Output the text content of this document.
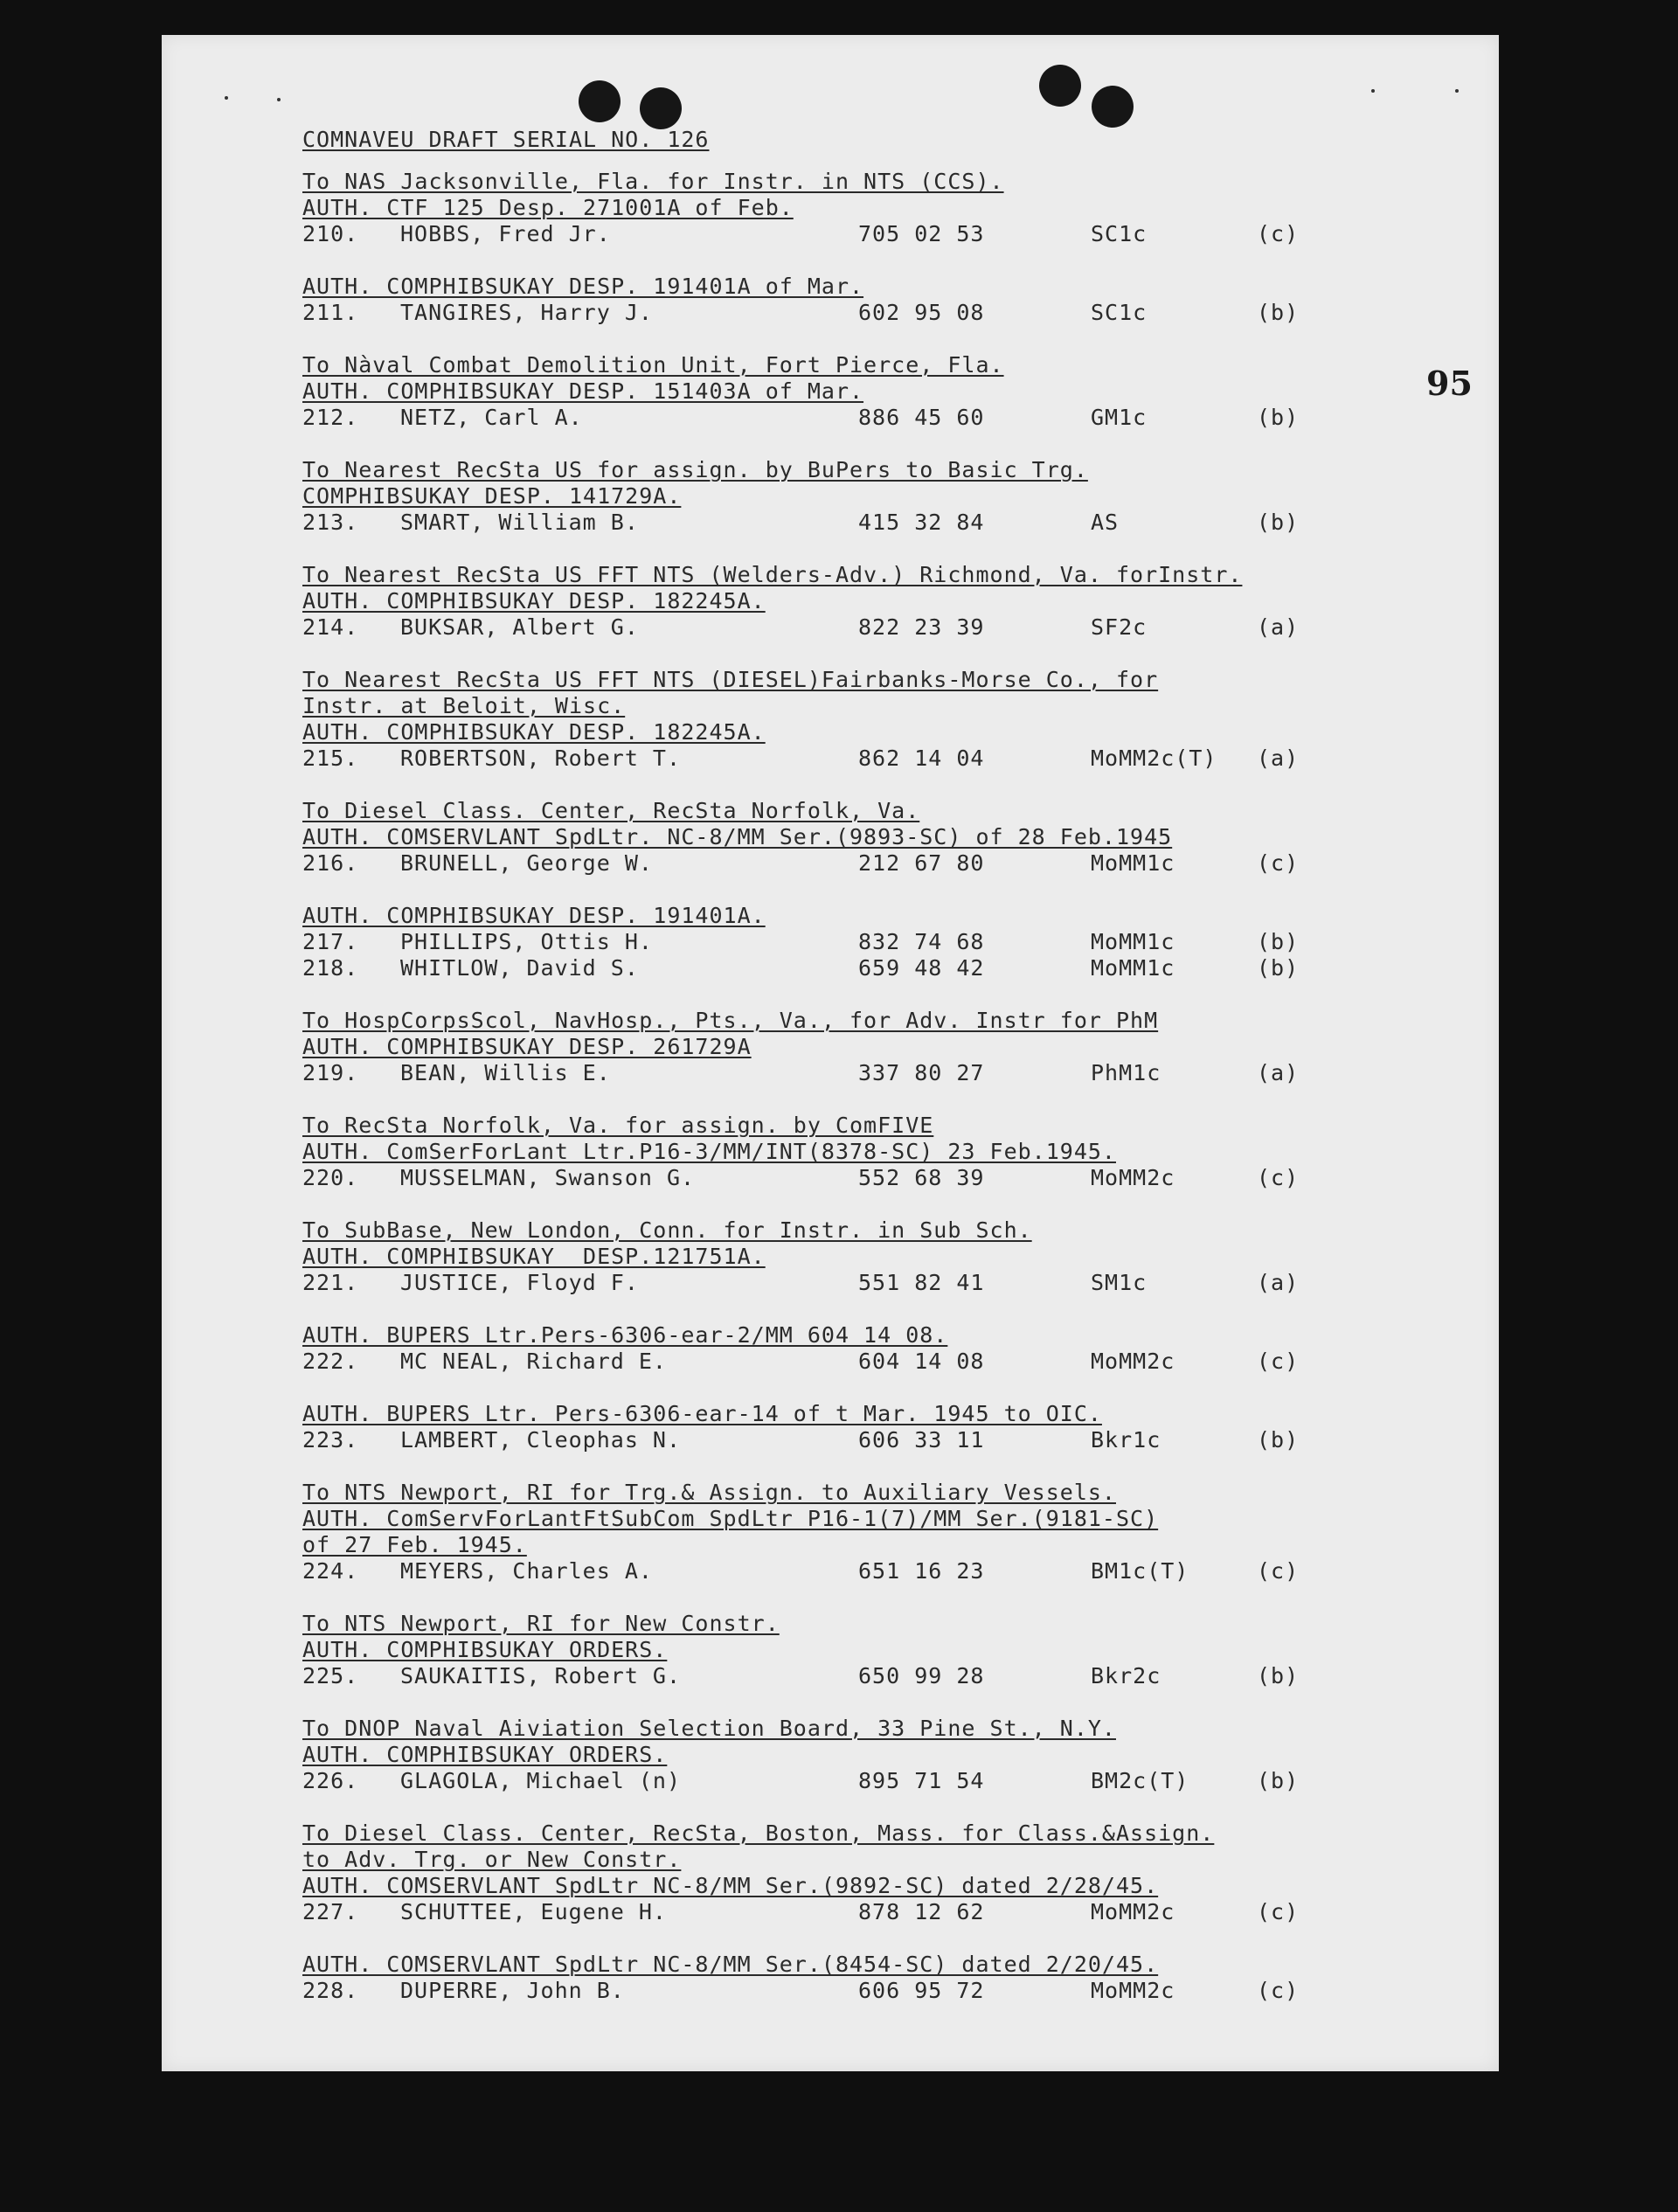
95
COMNAVEU DRAFT SERIAL NO. 126
To NAS Jacksonville, Fla. for Instr. in NTS (CCS).
AUTH. CTF 125 Desp. 271001A of Feb.
210. HOBBS, Fred Jr.	705 02 53	SC1c	(c)
AUTH. COMPHIBSUKAY DESP. 191401A of Mar.
211. TANGIRES, Harry J.	602 95 08	SC1c	(b)
To Nàval Combat Demolition Unit, Fort Pierce, Fla.
AUTH. COMPHIBSUKAY DESP. 151403A of Mar.
212. NETZ, Carl A.	886 45 60	GM1c	(b)
To Nearest RecSta US for assign. by BuPers to Basic Trg.
COMPHIBSUKAY DESP. 141729A.
213. SMART, William B.	415 32 84	AS	(b)
To Nearest RecSta US FFT NTS (Welders-Adv.) Richmond, Va. forInstr.
AUTH. COMPHIBSUKAY DESP. 182245A.
214. BUKSAR, Albert G.	822 23 39	SF2c	(a)
To Nearest RecSta US FFT NTS (DIESEL)Fairbanks-Morse Co., for
Instr. at Beloit, Wisc.
AUTH. COMPHIBSUKAY DESP. 182245A.
215. ROBERTSON, Robert T.	862 14 04	MoMM2c(T) (a)
To Diesel Class. Center, RecSta Norfolk, Va.
AUTH. COMSERVLANT SpdLtr. NC-8/MM Ser.(9893-SC) of 28 Feb.1945
216. BRUNELL, George W.	212 67 80	MoMM1c	(c)
AUTH. COMPHIBSUKAY DESP. 191401A.
217. PHILLIPS, Ottis H.	832 74 68	MoMM1c	(b)
218. WHITLOW, David S.	659 48 42	MoMM1c	(b)
To HospCorpsScol, NavHosp., Pts., Va., for Adv. Instr for PhM
AUTH. COMPHIBSUKAY DESP. 261729A
219. BEAN, Willis E.	337 80 27	PhM1c	(a)
To RecSta Norfolk, Va. for assign. by ComFIVE
AUTH. ComSerForLant Ltr.P16-3/MM/INT(8378-SC) 23 Feb.1945.
220. MUSSELMAN, Swanson G.	552 68 39	MoMM2c	(c)
To SubBase, New London, Conn. for Instr. in Sub Sch.
AUTH. COMPHIBSUKAY  DESP.121751A.
221. JUSTICE, Floyd F.	551 82 41	SM1c	(a)
AUTH. BUPERS Ltr.Pers-6306-ear-2/MM 604 14 08.
222. MC NEAL, Richard E.	604 14 08	MoMM2c	(c)
AUTH. BUPERS Ltr. Pers-6306-ear-14 of t Mar. 1945 to OIC.
223. LAMBERT, Cleophas N.	606 33 11	Bkr1c	(b)
To NTS Newport, RI for Trg.& Assign. to Auxiliary Vessels.
AUTH. ComServForLantFtSubCom SpdLtr P16-1(7)/MM Ser.(9181-SC)
of 27 Feb. 1945.
224. MEYERS, Charles A.	651 16 23	BM1c(T)	(c)
To NTS Newport, RI for New Constr.
AUTH. COMPHIBSUKAY ORDERS.
225. SAUKAITIS, Robert G.	650 99 28	Bkr2c	(b)
To DNOP Naval Aiviation Selection Board, 33 Pine St., N.Y.
AUTH. COMPHIBSUKAY ORDERS.
226. GLAGOLA, Michael (n)	895 71 54	BM2c(T)	(b)
To Diesel Class. Center, RecSta, Boston, Mass. for Class.&Assign.
to Adv. Trg. or New Constr.
AUTH. COMSERVLANT SpdLtr NC-8/MM Ser.(9892-SC) dated 2/28/45.
227. SCHUTTEE, Eugene H.	878 12 62	MoMM2c	(c)
AUTH. COMSERVLANT SpdLtr NC-8/MM Ser.(8454-SC) dated 2/20/45.
228. DUPERRE, John B.	606 95 72	MoMM2c	(c)
